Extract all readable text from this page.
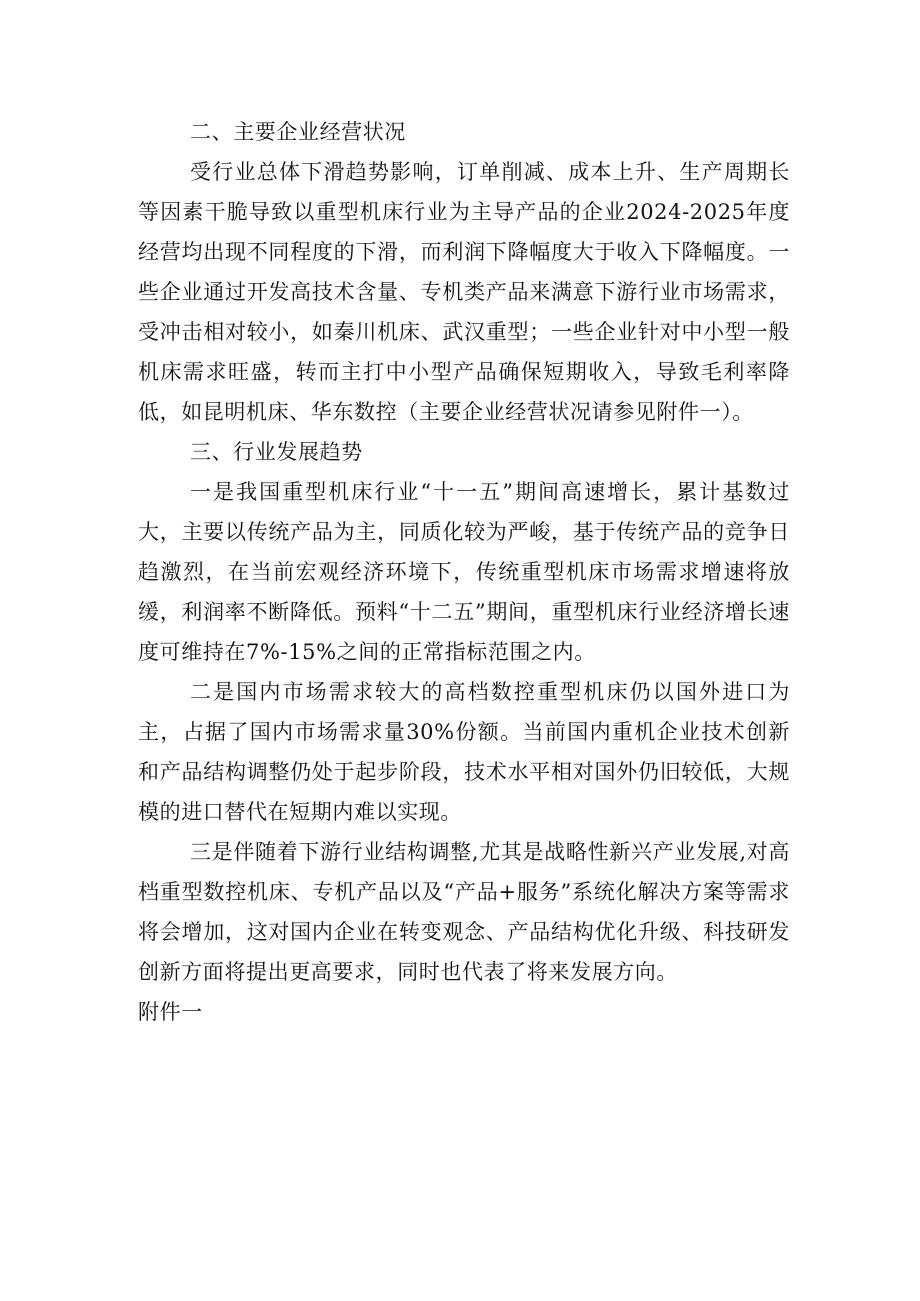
二、主要企业经营状况

受行业总体下滑趋势影响，订单削减、成本上升、生产周期长等因素干脆导致以重型机床行业为主导产品的企业2024-2025年度经营均出现不同程度的下滑，而利润下降幅度大于收入下降幅度。一些企业通过开发高技术含量、专机类产品来满意下游行业市场需求，受冲击相对较小，如秦川机床、武汉重型；一些企业针对中小型一般机床需求旺盛，转而主打中小型产品确保短期收入，导致毛利率降低，如昆明机床、华东数控（主要企业经营状况请参见附件一）。

三、行业发展趋势

一是我国重型机床行业“十一五”期间高速增长，累计基数过大，主要以传统产品为主，同质化较为严峻，基于传统产品的竞争日趋激烈，在当前宏观经济环境下，传统重型机床市场需求增速将放缓，利润率不断降低。预料“十二五”期间，重型机床行业经济增长速度可维持在7%-15%之间的正常指标范围之内。

二是国内市场需求较大的高档数控重型机床仍以国外进口为主，占据了国内市场需求量30%份额。当前国内重机企业技术创新和产品结构调整仍处于起步阶段，技术水平相对国外仍旧较低，大规模的进口替代在短期内难以实现。

三是伴随着下游行业结构调整,尤其是战略性新兴产业发展,对高档重型数控机床、专机产品以及“产品+服务”系统化解决方案等需求将会增加，这对国内企业在转变观念、产品结构优化升级、科技研发创新方面将提出更高要求，同时也代表了将来发展方向。

附件一
